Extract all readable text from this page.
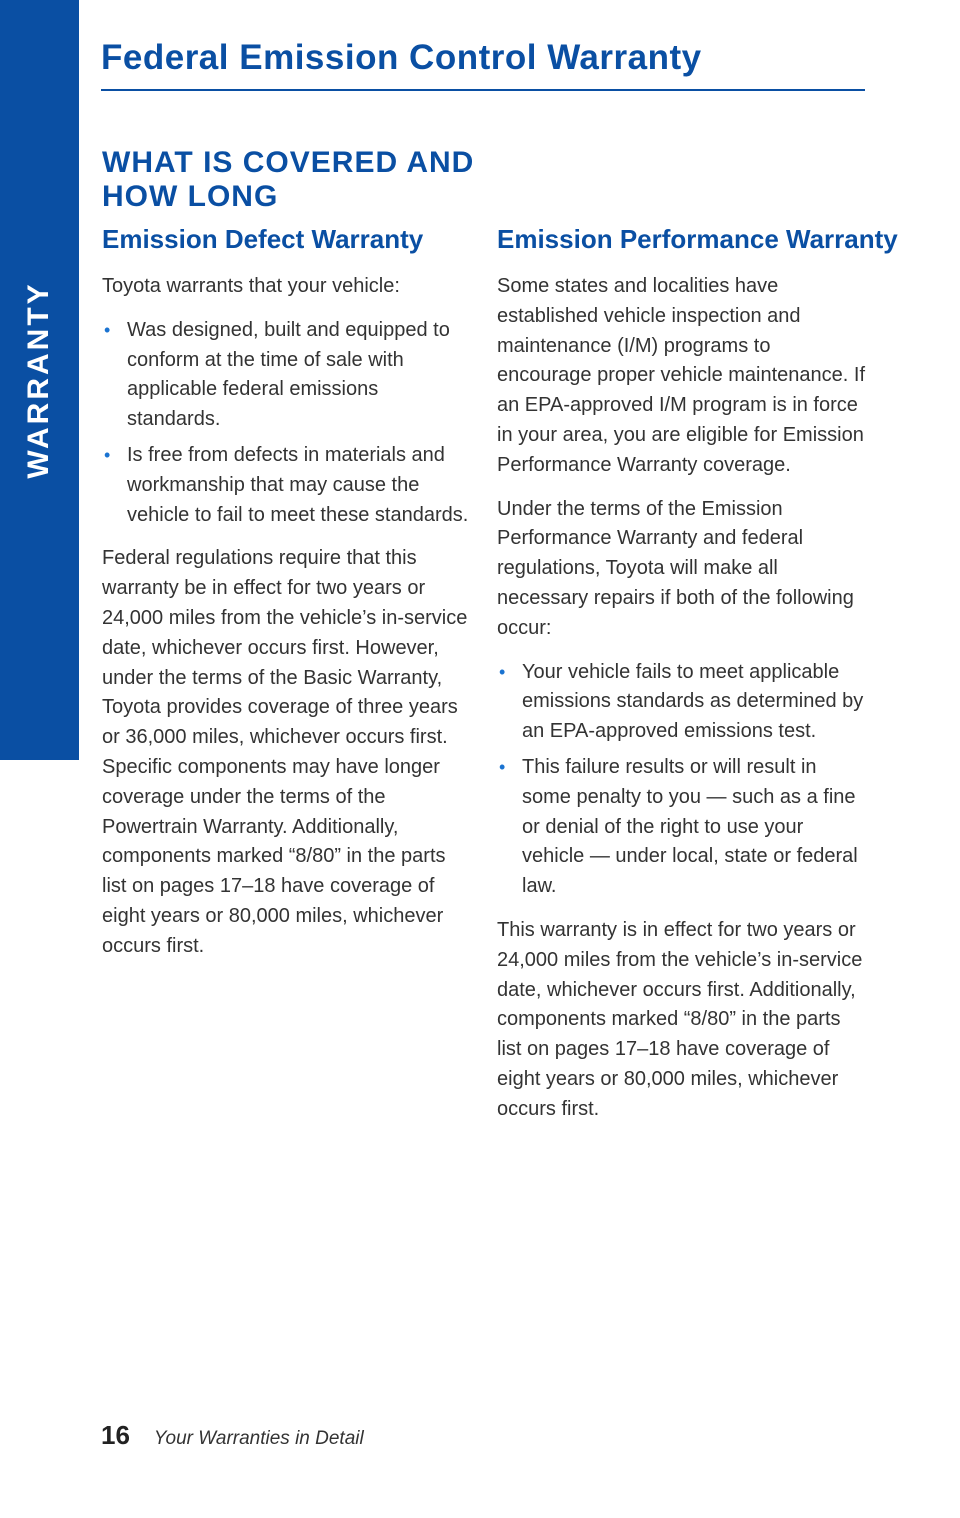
WARRANTY
Federal Emission Control Warranty
WHAT IS COVERED AND
HOW LONG
Emission Defect Warranty

Toyota warrants that your vehicle:

• Was designed, built and equipped to conform at the time of sale with applicable federal emissions standards.
• Is free from defects in materials and workmanship that may cause the vehicle to fail to meet these standards.

Federal regulations require that this warranty be in effect for two years or 24,000 miles from the vehicle’s in-service date, whichever occurs first. However, under the terms of the Basic Warranty, Toyota provides coverage of three years or 36,000 miles, whichever occurs first. Specific components may have longer coverage under the terms of the Powertrain Warranty. Additionally, components marked “8/80” in the parts list on pages 17–18 have coverage of eight years or 80,000 miles, whichever occurs first.

Emission Performance Warranty

Some states and localities have established vehicle inspection and maintenance (I/M) programs to encourage proper vehicle maintenance. If an EPA-approved I/M program is in force in your area, you are eligible for Emission Performance Warranty coverage.

Under the terms of the Emission Performance Warranty and federal regulations, Toyota will make all necessary repairs if both of the following occur:

• Your vehicle fails to meet applicable emissions standards as determined by an EPA-approved emissions test.
• This failure results or will result in some penalty to you — such as a fine or denial of the right to use your vehicle — under local, state or federal law.

This warranty is in effect for two years or 24,000 miles from the vehicle’s in-service date, whichever occurs first. Additionally, components marked “8/80” in the parts list on pages 17–18 have coverage of eight years or 80,000 miles, whichever occurs first.

16 Your Warranties in Detail
